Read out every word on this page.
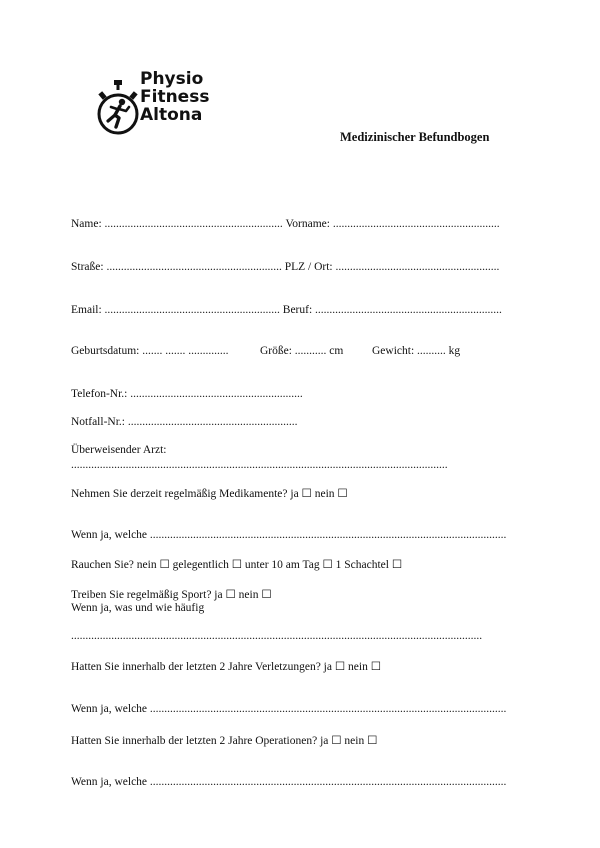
Physio
Fitness
Altona
Medizinischer Befundbogen
Name: .............................................................. Vorname: ..........................................................
Straße: ............................................................. PLZ / Ort: .........................................................
Email: ............................................................. Beruf: .................................................................
Geburtsdatum: ....... ....... ..............	Größe: ........... cm Gewicht: .......... kg
Telefon-Nr.: ............................................................
Notfall-Nr.: ...........................................................
Überweisender Arzt:
...................................................................................................................................
Nehmen Sie derzeit regelmäßig Medikamente? ja ☐ nein ☐
Wenn ja, welche ............................................................................................................................
Rauchen Sie? nein ☐ gelegentlich ☐ unter 10 am Tag ☐ 1 Schachtel ☐
Treiben Sie regelmäßig Sport? ja ☐ nein ☐
Wenn ja, was und wie häufig
...............................................................................................................................................
Hatten Sie innerhalb der letzten 2 Jahre Verletzungen? ja ☐ nein ☐
Wenn ja, welche ............................................................................................................................
Hatten Sie innerhalb der letzten 2 Jahre Operationen? ja ☐ nein ☐
Wenn ja, welche ............................................................................................................................
